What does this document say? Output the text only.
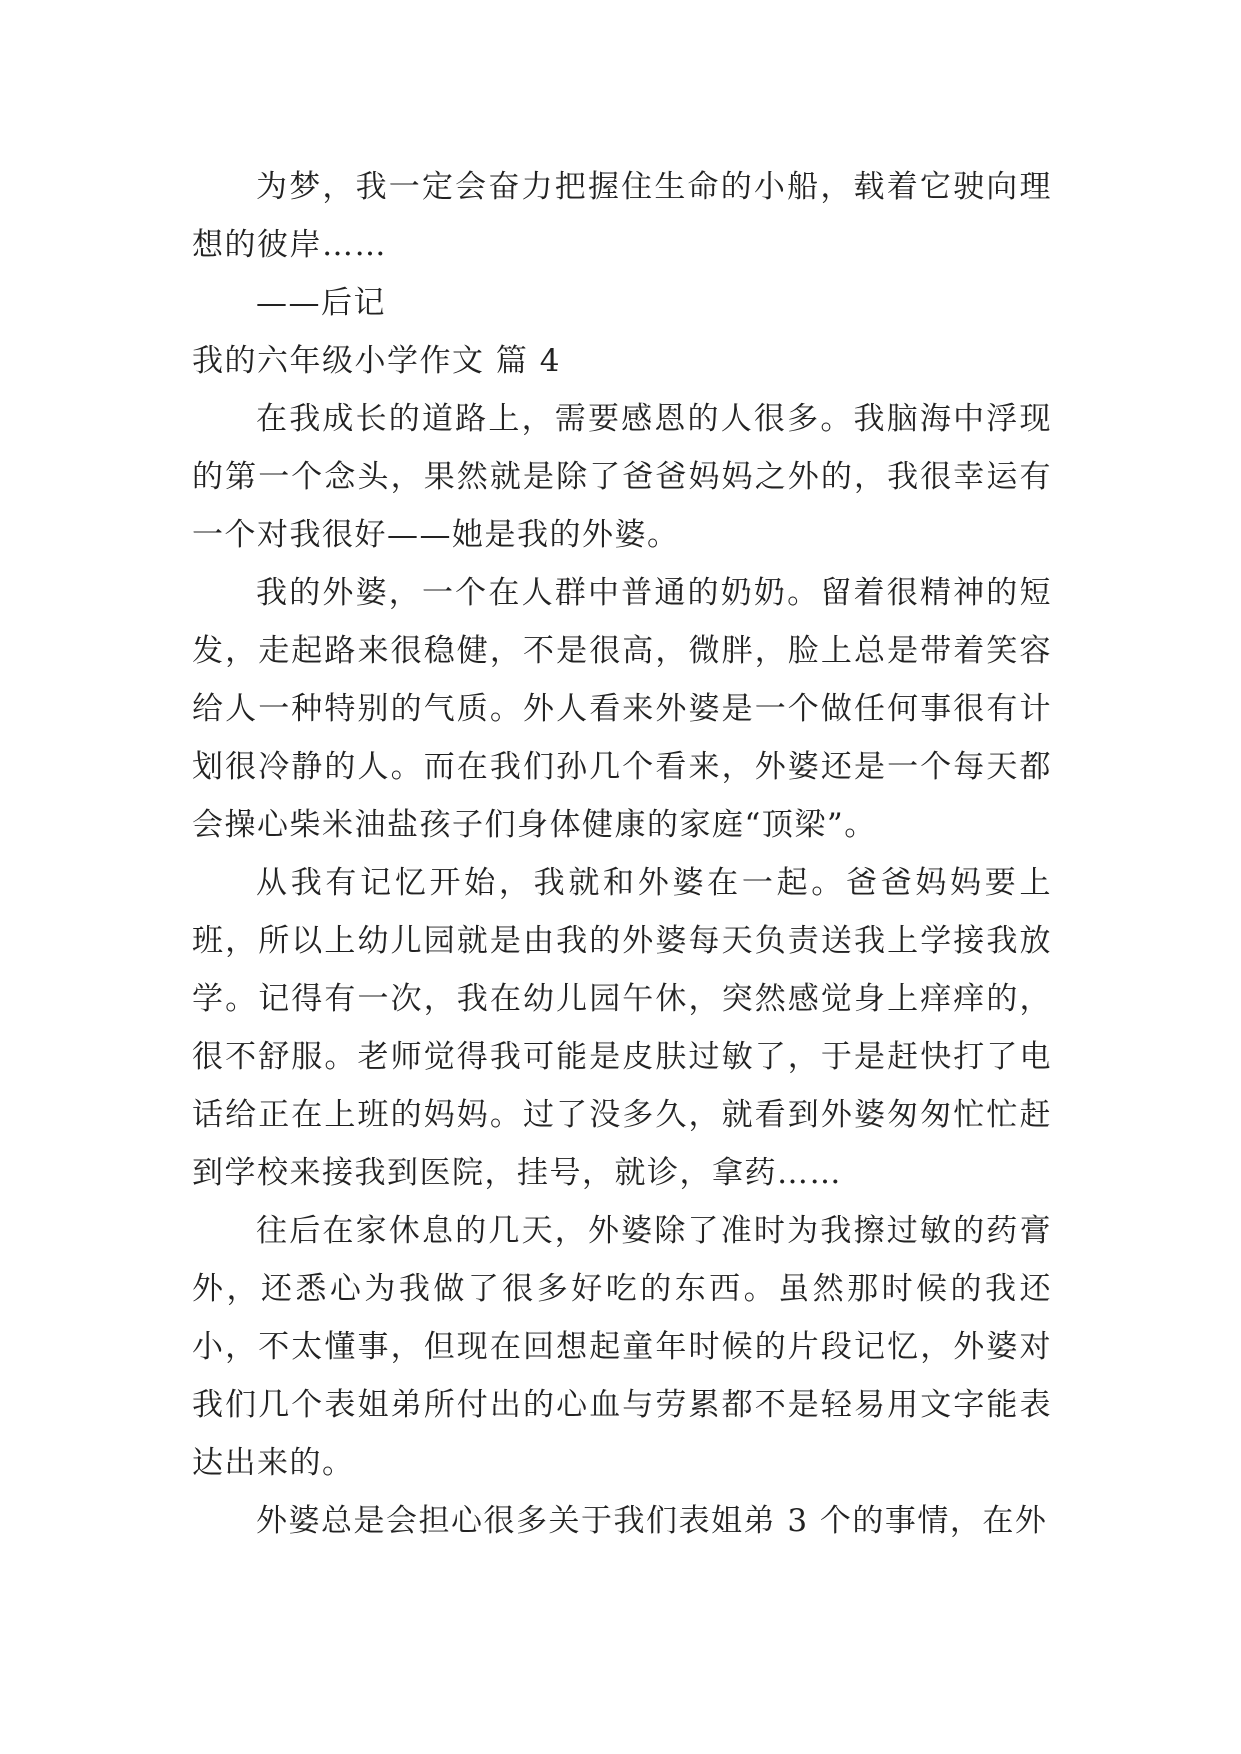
为梦，我一定会奋力把握住生命的小船，载着它驶向理想的彼岸……

——后记

我的六年级小学作文 篇 4

在我成长的道路上，需要感恩的人很多。我脑海中浮现的第一个念头，果然就是除了爸爸妈妈之外的，我很幸运有一个对我很好——她是我的外婆。

我的外婆，一个在人群中普通的奶奶。留着很精神的短发，走起路来很稳健，不是很高，微胖，脸上总是带着笑容给人一种特别的气质。外人看来外婆是一个做任何事很有计划很冷静的人。而在我们孙几个看来，外婆还是一个每天都会操心柴米油盐孩子们身体健康的家庭“顶梁”。

从我有记忆开始，我就和外婆在一起。爸爸妈妈要上班，所以上幼儿园就是由我的外婆每天负责送我上学接我放学。记得有一次，我在幼儿园午休，突然感觉身上痒痒的，很不舒服。老师觉得我可能是皮肤过敏了，于是赶快打了电话给正在上班的妈妈。过了没多久，就看到外婆匆匆忙忙赶到学校来接我到医院，挂号，就诊，拿药……

往后在家休息的几天，外婆除了准时为我擦过敏的药膏外，还悉心为我做了很多好吃的东西。虽然那时候的我还小，不太懂事，但现在回想起童年时候的片段记忆，外婆对我们几个表姐弟所付出的心血与劳累都不是轻易用文字能表达出来的。

外婆总是会担心很多关于我们表姐弟 3 个的事情，在外
